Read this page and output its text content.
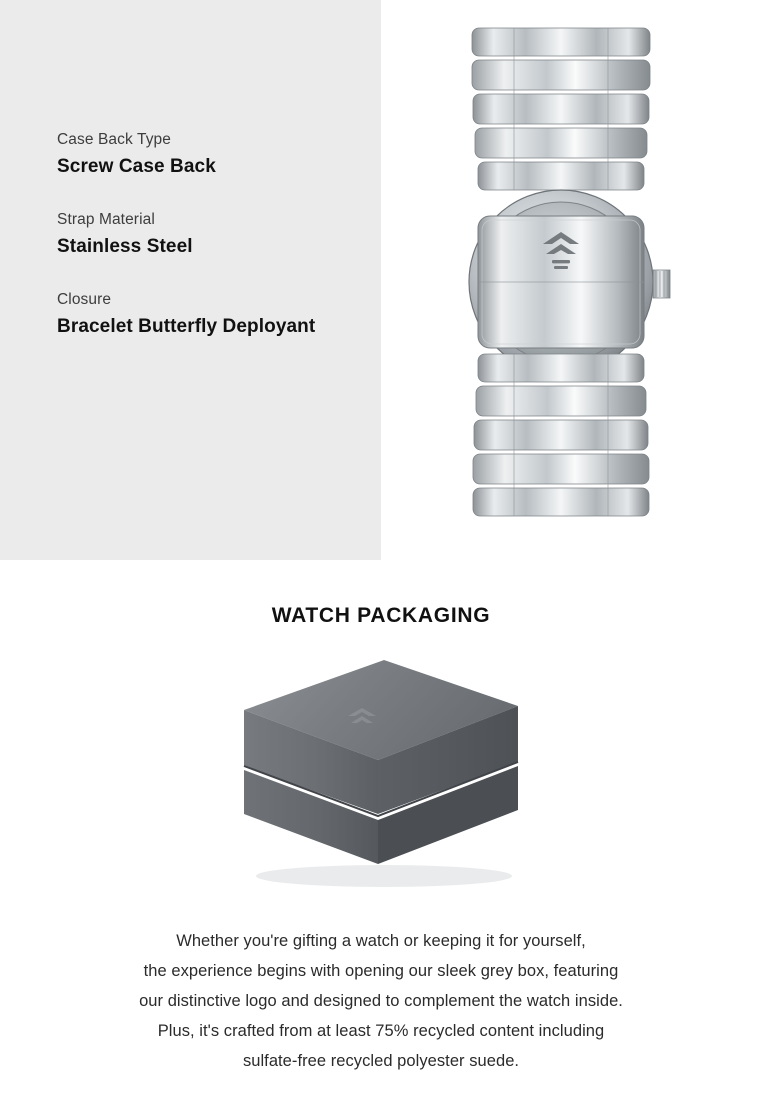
Case Back Type
Screw Case Back
Strap Material
Stainless Steel
Closure
Bracelet Butterfly Deployant
WATCH PACKAGING
Whether you're gifting a watch or keeping it for yourself,
the experience begins with opening our sleek grey box, featuring
our distinctive logo and designed to complement the watch inside.
Plus, it's crafted from at least 75% recycled content including
sulfate-free recycled polyester suede.
